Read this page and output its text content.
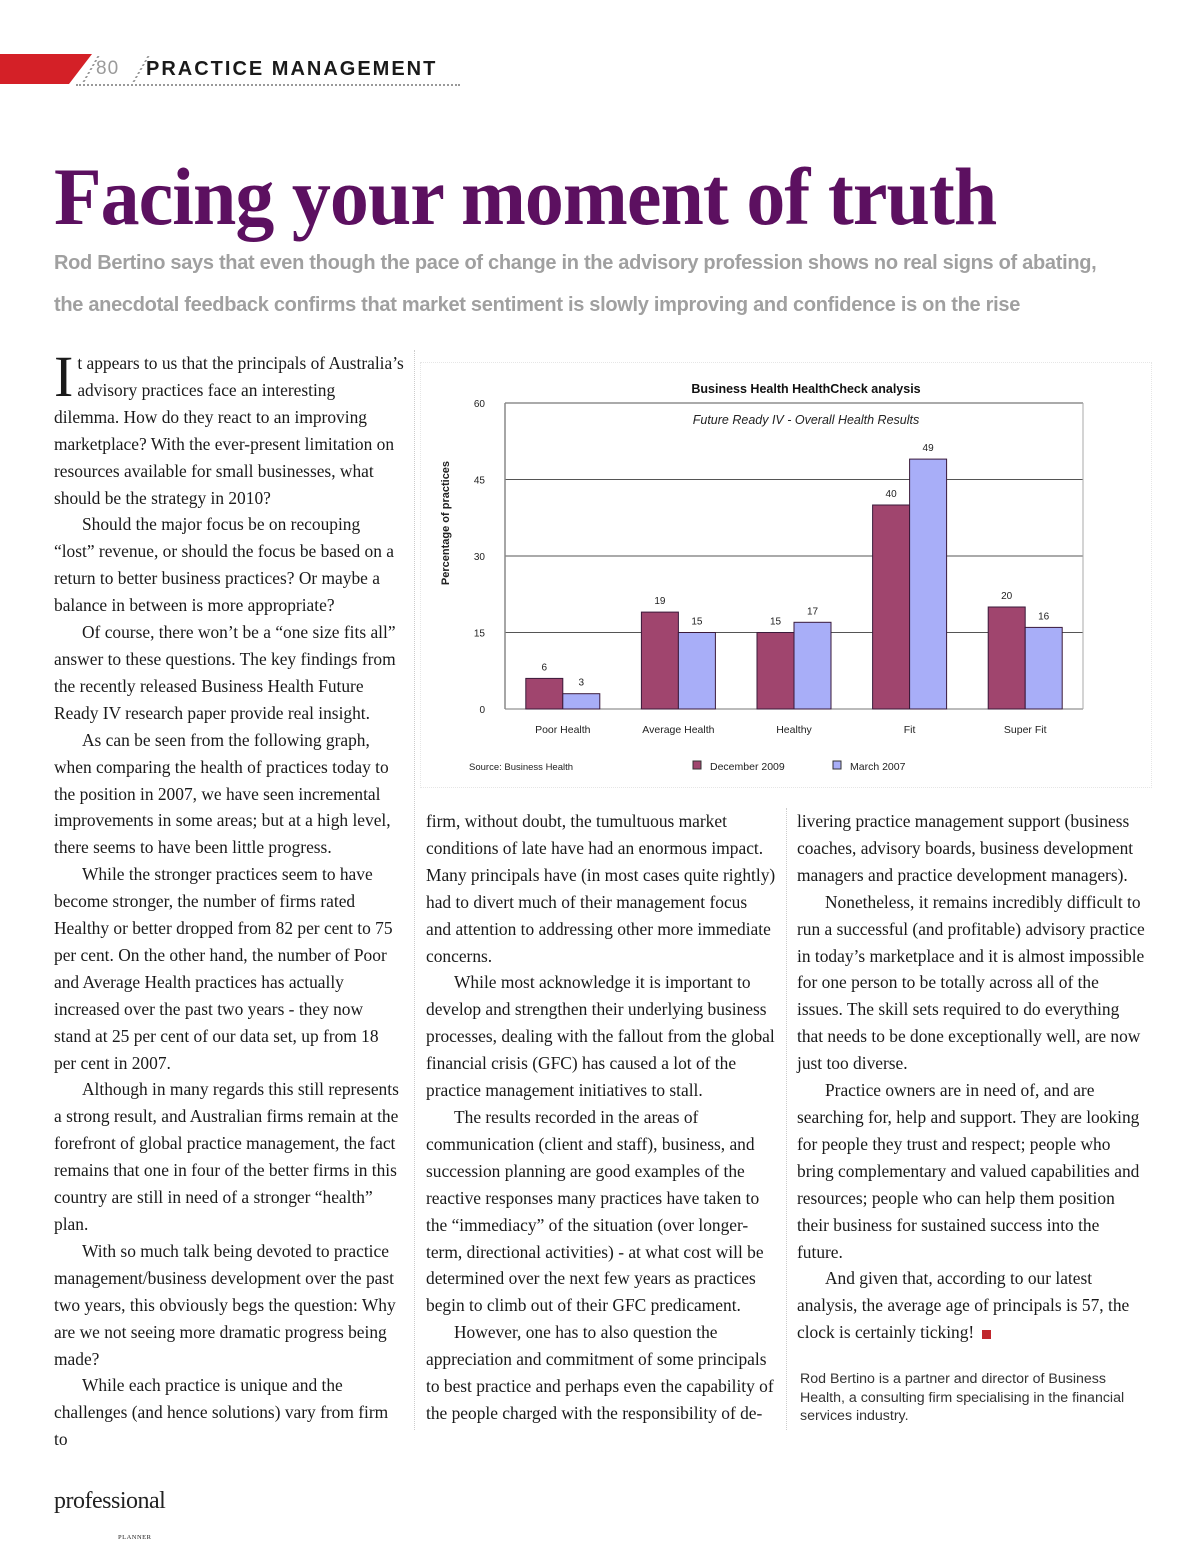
80 PRACTICE MANAGEMENT
Facing your moment of truth
Rod Bertino says that even though the pace of change in the advisory profession shows no real signs of abating,
the anecdotal feedback confirms that market sentiment is slowly improving and confidence is on the rise

It appears to us that the principals of Australia’s advisory practices face an interesting dilemma. How do they react to an improving marketplace? With the ever-present limitation on resources available for small businesses, what should be the strategy in 2010?

Should the major focus be on recouping “lost” revenue, or should the focus be based on a return to better business practices? Or maybe a balance in between is more appropriate?

Of course, there won’t be a “one size fits all” answer to these questions. The key findings from the recently released Business Health Future Ready IV research paper provide real insight.

As can be seen from the following graph, when comparing the health of practices today to the position in 2007, we have seen incremental improvements in some areas; but at a high level, there seems to have been little progress.

While the stronger practices seem to have become stronger, the number of firms rated Healthy or better dropped from 82 per cent to 75 per cent. On the other hand, the number of Poor and Average Health practices has actually increased over the past two years - they now stand at 25 per cent of our data set, up from 18 per cent in 2007.

Although in many regards this still represents a strong result, and Australian firms remain at the forefront of global practice management, the fact remains that one in four of the better firms in this country are still in need of a stronger “health” plan.

With so much talk being devoted to practice management/business development over the past two years, this obviously begs the question: Why are we not seeing more dramatic progress being made?

While each practice is unique and the challenges (and hence solutions) vary from firm to

Business Health HealthCheck analysis
Future Ready IV - Overall Health Results
Percentage of practices
0
15
30
45
60
6
3
Poor Health
19
15
Average Health
15
17
Healthy
40
49
Fit
20
16
Super Fit
Source: Business Health	December 2009	March 2007

firm, without doubt, the tumultuous market conditions of late have had an enormous impact. Many principals have (in most cases quite rightly) had to divert much of their management focus and attention to addressing other more immediate concerns.

While most acknowledge it is important to develop and strengthen their underlying business processes, dealing with the fallout from the global financial crisis (GFC) has caused a lot of the practice management initiatives to stall.

The results recorded in the areas of communication (client and staff), business, and succession planning are good examples of the reactive responses many practices have taken to the “immediacy” of the situation (over longer-term, directional activities) - at what cost will be determined over the next few years as practices begin to climb out of their GFC predicament.

However, one has to also question the appreciation and commitment of some principals to best practice and perhaps even the capability of the people charged with the responsibility of de-

livering practice management support (business coaches, advisory boards, business development managers and practice development managers).

Nonetheless, it remains incredibly difficult to run a successful (and profitable) advisory practice in today’s marketplace and it is almost impossible for one person to be totally across all of the issues. The skill sets required to do everything that needs to be done exceptionally well, are now just too diverse.

Practice owners are in need of, and are searching for, help and support. They are looking for people they trust and respect; people who bring complementary and valued capabilities and resources; people who can help them position their business for sustained success into the future.

And given that, according to our latest analysis, the average age of principals is 57, the clock is certainly ticking!

Rod Bertino is a partner and director of Business Health, a consulting firm specialising in the financial services industry.
professional
PLANNER
